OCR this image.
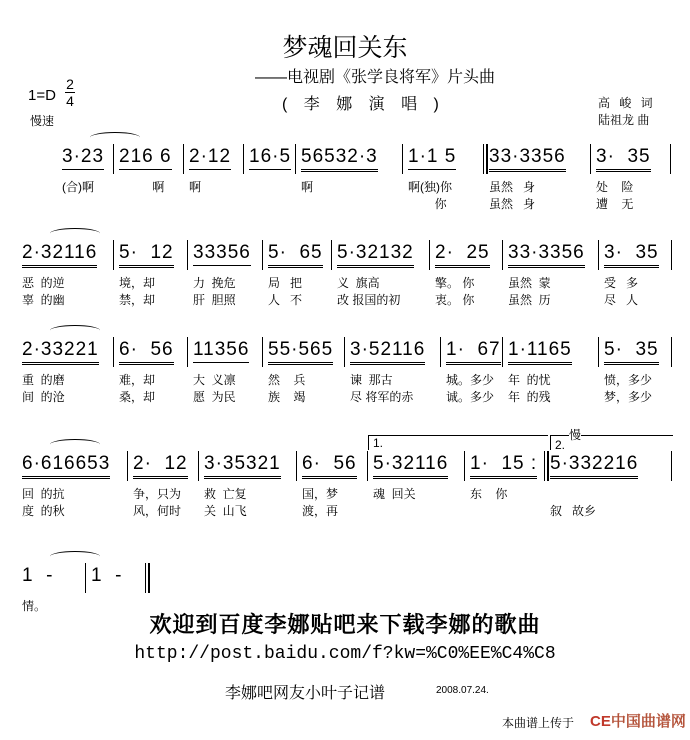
梦魂回关东
——电视剧《张学良将军》片头曲
( 李 娜 演 唱 )
1=D
2
4
慢速
高 峻 词
陆祖龙 曲
3·23
(合)啊
216 6
啊
2·12
啊
16·5 56532·3
啊
1·1 5
啊(独)你
你
33·3356
虽然   身
虽然   身
3·  35
处    险
遭    无
2·32116
恶  的逆
辜  的幽
5·  12
境，却
禁，却
33356
力  挽危
肝  胆照
5·  65
局   把
人   不
5·32132
义  旗高
改 报国的初
2·  25
擎。 你
衷。 你
33·3356
虽然  蒙
虽然  历
3·  35
受   多
尽   人
2·33221
重  的磨
间  的沧
6·  56
难，却
桑，却
11356
大  义凛
愿  为民
55·565
然    兵
族    竭
3·52116
谏  那古
尽 将军的赤
1·  67
城。多少
诚。多少
1·1165
年  的忧
年  的残
5·  35
愤，多少
梦，多少
6·616653
回  的抗
度  的秋
2·  12
争，只为
风，何时
3·35321
救  亡复
关  山飞
6·  56
国，梦
渡，再
5·32116
魂  回关
1·  15 :
东    你
5·332216
叙   故乡
1.	2.慢
1  -
情。
1  -
欢迎到百度李娜贴吧来下载李娜的歌曲
http://post.baidu.com/f?kw=%C0%EE%C4%C8
李娜吧网友小叶子记谱	2008.07.24.
本曲谱上传于 CE中国曲谱网
